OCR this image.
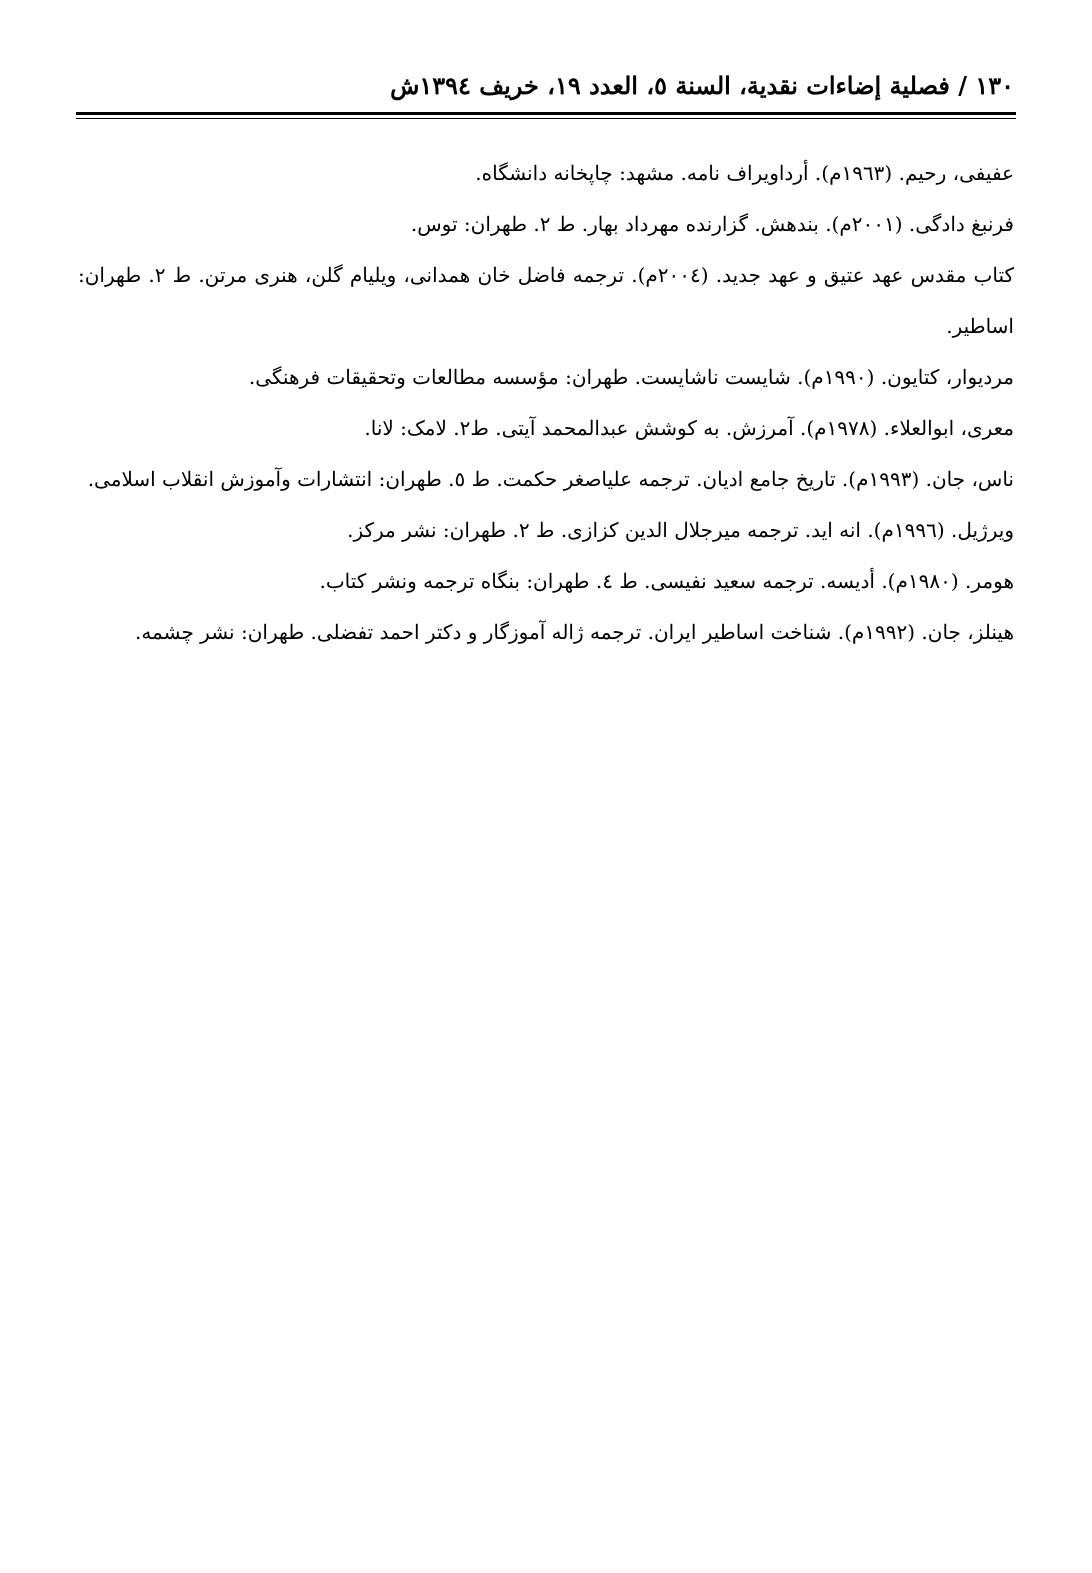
١٣٠ / فصلية إضاءات نقدية، السنة ٥، العدد ١٩، خريف ١٣٩٤ش

عفیفی، رحیم. (١٩٦٣م). أرداویراف نامه. مشهد: چاپخانه دانشگاه.

فرنبغ دادگی. (٢٠٠١م). بندهش. گزارنده مهرداد بهار. ط ٢. طهران: توس.

کتاب مقدس عهد عتیق و عهد جدید. (٢٠٠٤م). ترجمه فاضل خان همدانی، ویلیام گلن، هنری مرتن. ط ٢. طهران: اساطیر.

مردیوار، کتایون. (١٩٩٠م). شایست ناشایست. طهران: مؤسسه مطالعات وتحقیقات فرهنگی.

معری، ابوالعلاء. (١٩٧٨م). آمرزش. به کوشش عبدالمحمد آیتی. ط٢. لامک: لانا.

ناس، جان. (١٩٩٣م). تاریخ جامع ادیان. ترجمه علیاصغر حکمت. ط ٥. طهران: انتشارات وآموزش انقلاب اسلامی.

ویرژیل. (١٩٩٦م). انه اید. ترجمه میرجلال الدین کزازی. ط ٢. طهران: نشر مرکز.

هومر. (١٩٨٠م). أدیسه. ترجمه سعید نفیسی. ط ٤. طهران: بنگاه ترجمه ونشر کتاب.

هینلز، جان. (١٩٩٢م). شناخت اساطیر ایران. ترجمه ژاله آموزگار و دکتر احمد تفضلی. طهران: نشر چشمه.
